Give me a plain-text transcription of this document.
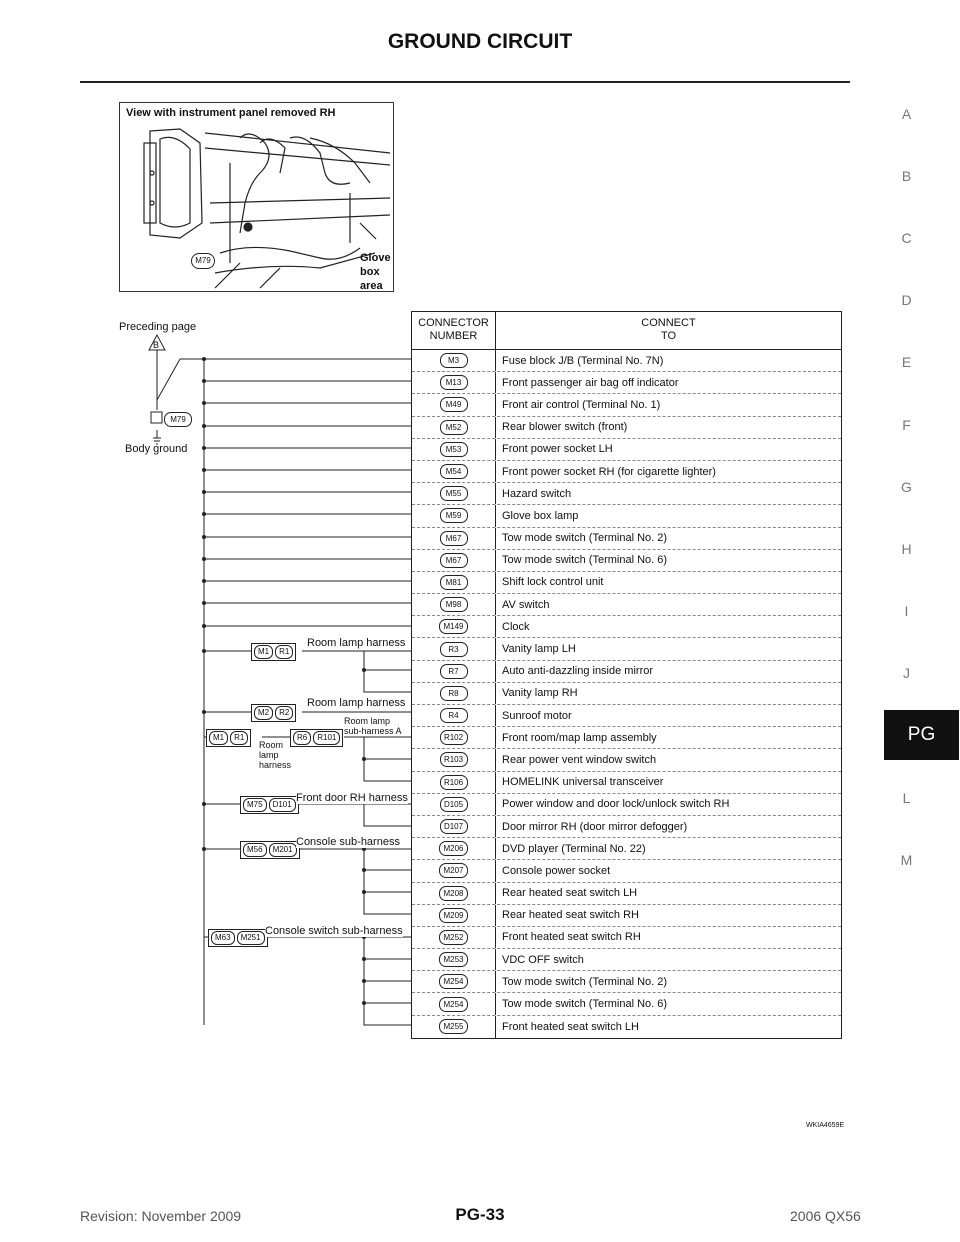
GROUND CIRCUIT
A
B
C
D
E
F
G
H
I
J
PG
L
M
View with instrument panel removed RH
M79	Glove
box
area
Preceding page
B
M79
Body ground
M1	R1
Room lamp harness
M2	R2
Room lamp harness
M1	R1	R6	R101
Room lamp
sub-harness A
Room
lamp
harness
M75	D101
Front door RH harness
M56	M201
Console sub-harness
M63	M251
Console switch sub-harness
CONNECTOR
NUMBER
CONNECT
TO
M3	Fuse block J/B (Terminal No. 7N)
M13	Front passenger air bag off indicator
M49	Front air control (Terminal No. 1)
M52	Rear blower switch (front)
M53	Front power socket LH
M54	Front power socket RH (for cigarette lighter)
M55	Hazard switch
M59	Glove box lamp
M67	Tow mode switch (Terminal No. 2)
M67	Tow mode switch (Terminal No. 6)
M81	Shift lock control unit
M98	AV switch
M149	Clock
R3	Vanity lamp LH
R7	Auto anti-dazzling inside mirror
R8	Vanity lamp RH
R4	Sunroof motor
R102	Front room/map lamp assembly
R103	Rear power vent window switch
R106	HOMELINK universal transceiver
D105	Power window and door lock/unlock switch RH
D107	Door mirror RH (door mirror defogger)
M206	DVD player (Terminal No. 22)
M207	Console power socket
M208	Rear heated seat switch LH
M209	Rear heated seat switch RH
M252	Front heated seat switch RH
M253	VDC OFF switch
M254	Tow mode switch (Terminal No. 2)
M254	Tow mode switch (Terminal No. 6)
M255	Front heated seat switch LH
WKIA4659E
Revision: November 2009	PG-33	2006 QX56
